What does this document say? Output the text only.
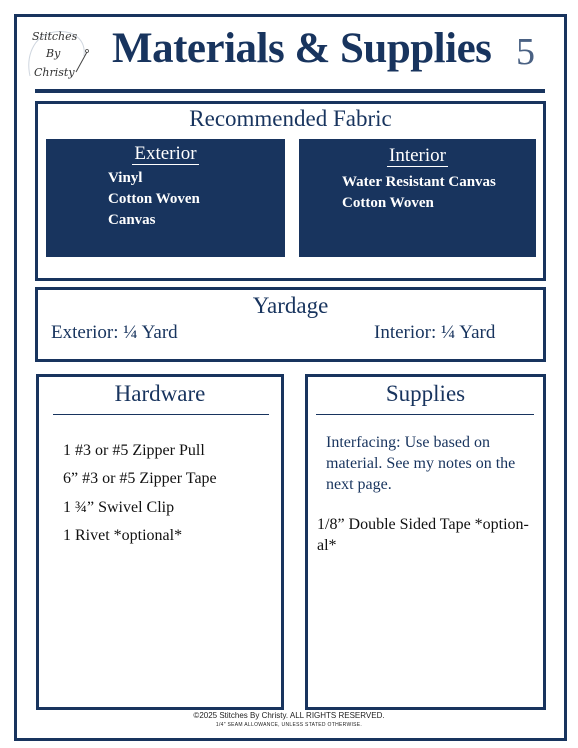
Stitches
By
Christy
Materials & Supplies 5
Recommended Fabric
Exterior
Vinyl
Cotton Woven
Canvas
Interior
Water Resistant Canvas
Cotton Woven
Yardage
Exterior: ¼ Yard	Interior: ¼ Yard
Hardware
1 #3 or #5 Zipper Pull
6” #3 or #5 Zipper Tape
1 ¾” Swivel Clip
1 Rivet *optional*
Supplies
Interfacing: Use based on
material. See my notes on the
next page.
1/8” Double Sided Tape *option-
al*
©2025 Stitches By Christy. ALL RIGHTS RESERVED.
1/4" SEAM ALLOWANCE, UNLESS STATED OTHERWISE.
